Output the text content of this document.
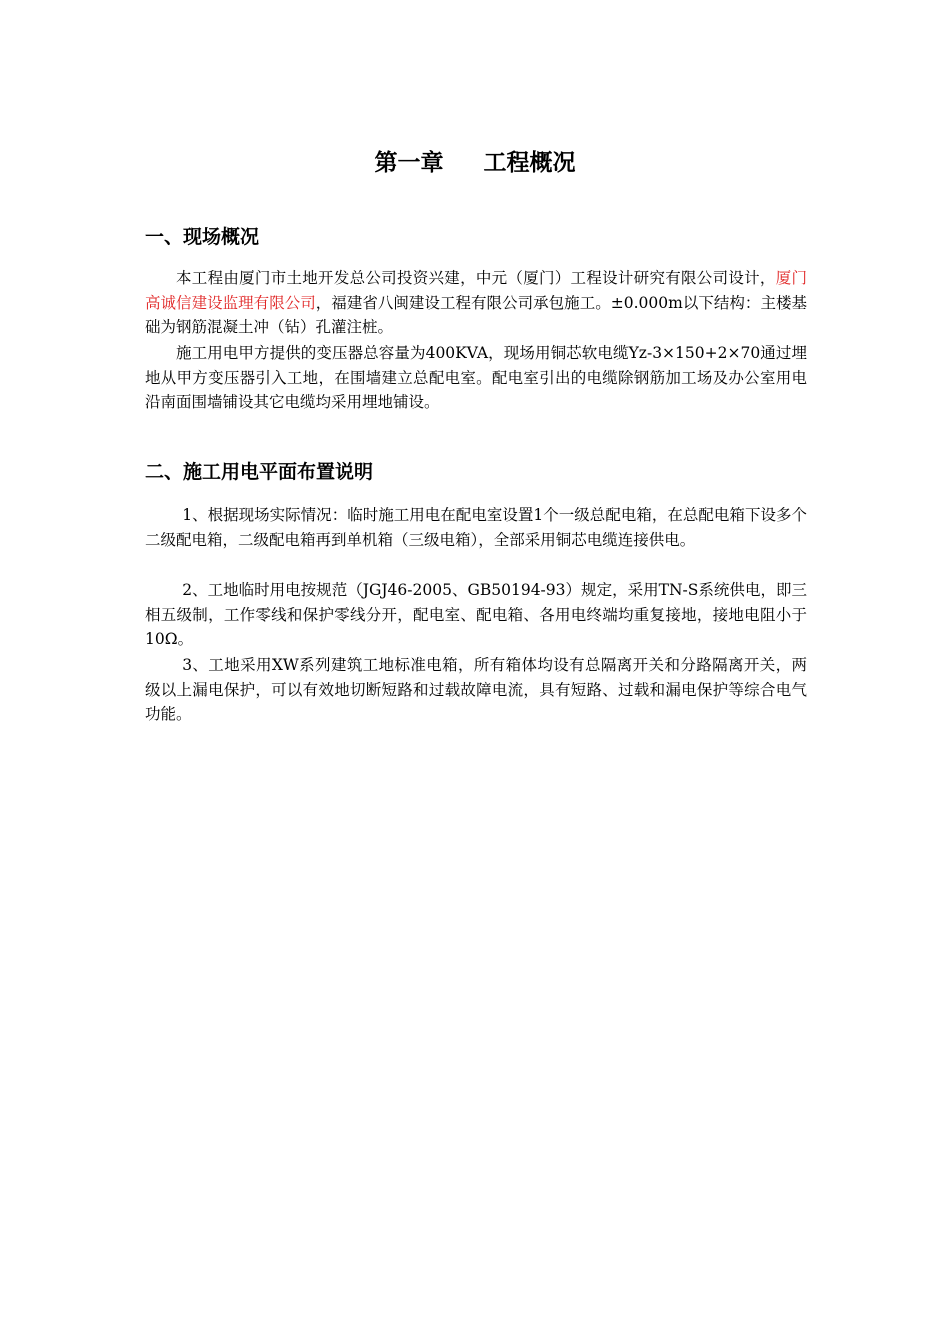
第一章 工程概况
一、现场概况

本工程由厦门市土地开发总公司投资兴建，中元（厦门）工程设计研究有限公司设计，厦门高诚信建设监理有限公司，福建省八闽建设工程有限公司承包施工。±0.000m以下结构：主楼基础为钢筋混凝土冲（钻）孔灌注桩。

施工用电甲方提供的变压器总容量为400KVA，现场用铜芯软电缆Yz-3×150+2×70通过埋地从甲方变压器引入工地，在围墙建立总配电室。配电室引出的电缆除钢筋加工场及办公室用电沿南面围墙铺设其它电缆均采用埋地铺设。

二、施工用电平面布置说明

1、根据现场实际情况：临时施工用电在配电室设置1个一级总配电箱，在总配电箱下设多个二级配电箱，二级配电箱再到单机箱（三级电箱），全部采用铜芯电缆连接供电。

2、工地临时用电按规范（JGJ46-2005、GB50194-93）规定，采用TN-S系统供电，即三相五级制，工作零线和保护零线分开，配电室、配电箱、各用电终端均重复接地，接地电阻小于10Ω。

3、工地采用XW系列建筑工地标准电箱，所有箱体均设有总隔离开关和分路隔离开关，两级以上漏电保护，可以有效地切断短路和过载故障电流，具有短路、过载和漏电保护等综合电气功能。
